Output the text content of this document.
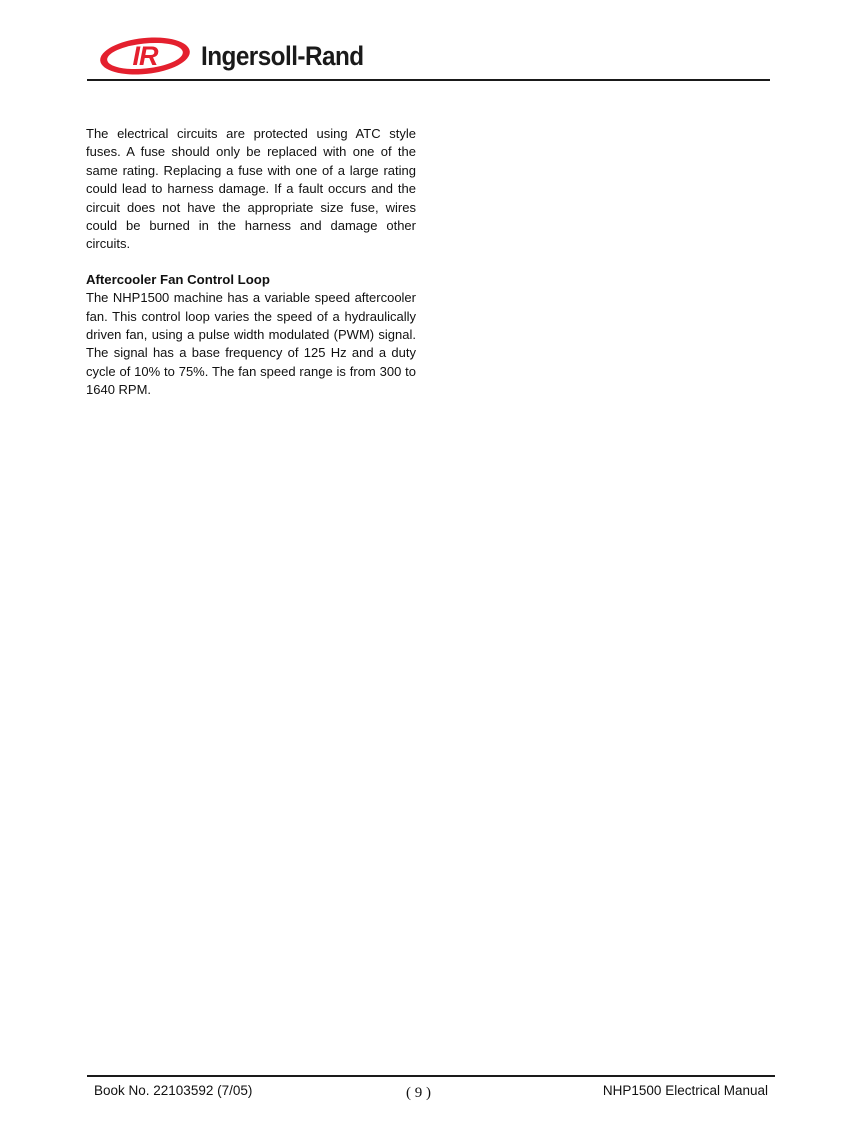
IR Ingersoll-Rand

The electrical circuits are protected using ATC style fuses. A fuse should only be replaced with one of the same rating. Replacing a fuse with one of a large rating could lead to harness damage. If a fault occurs and the circuit does not have the appropriate size fuse, wires could be burned in the harness and damage other circuits.

Aftercooler Fan Control Loop

The NHP1500 machine has a variable speed aftercooler fan. This control loop varies the speed of a hydraulically driven fan, using a pulse width modulated (PWM) signal. The signal has a base frequency of 125 Hz and a duty cycle of 10% to 75%. The fan speed range is from 300 to 1640 RPM.

Book No. 22103592 (7/05)	( 9 )	NHP1500 Electrical Manual
